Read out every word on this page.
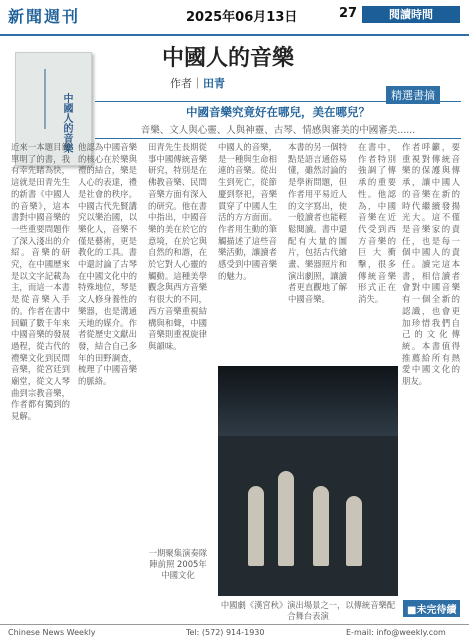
新聞週刊	2025年06月13日	27	閱讀時間
中國人的音樂
中國人的音樂
作者｜田青
精選書摘
中國音樂究竟好在哪兒，美在哪兒？
音樂、文人與心靈、人與神靈、古琴、情感與審美的中國審美......
近來一本題目簡單明了的書，我有幸先睹為快，這就是田青先生的新書《中國人的音樂》，這本書對中國音樂的一些重要問題作了深入淺出的介紹。音樂的研究，在中國歷來是以文字記載為主，而這一本書是從音樂入手的。作者在書中回顧了數千年來中國音樂的發展過程，從古代的禮樂文化到民間音樂，從宮廷到廟堂，從文人琴曲到宗教音樂，作者都有獨到的見解。
他認為中國音樂的核心在於樂與禮的結合，樂是人心的表達，禮是社會的秩序。中國古代先賢講究以樂治國，以樂化人，音樂不僅是藝術，更是教化的工具。書中還討論了古琴在中國文化中的特殊地位，琴是文人修身養性的樂器，也是溝通天地的媒介。作者從歷史文獻出發，結合自己多年的田野調查，梳理了中國音樂的脈絡。
田青先生長期從事中國傳統音樂研究，特別是在佛教音樂、民間音樂方面有深入的研究。他在書中指出，中國音樂的美在於它的意境，在於它與自然的和諧，在於它對人心靈的觸動。這種美學觀念與西方音樂有很大的不同，西方音樂重視結構與和聲，中國音樂則重視旋律與韻味。
一期聚集演奏隊陣前照 2005年中國文化
中國人的音樂，是一種與生命相連的音樂。從出生到死亡，從節慶到祭祀，音樂貫穿了中國人生活的方方面面。作者用生動的筆觸描述了這些音樂活動，讓讀者感受到中國音樂的魅力。
本書的另一個特點是語言通俗易懂，雖然討論的是學術問題，但作者用平易近人的文字寫出，使一般讀者也能輕鬆閱讀。書中還配有大量的圖片，包括古代繪畫、樂器照片和演出劇照，讓讀者更直觀地了解中國音樂。
在書中，作者特別強調了傳承的重要性。他認為，中國音樂在近代受到西方音樂的巨大衝擊，很多傳統音樂形式正在消失。
作者呼籲，要重視對傳統音樂的保護與傳承，讓中國人的音樂在新的時代繼續發揚光大。這不僅是音樂家的責任，也是每一個中國人的責任。讀完這本書，相信讀者會對中國音樂有一個全新的認識，也會更加珍惜我們自己的文化傳統。本書值得推薦給所有熱愛中國文化的朋友。
中國劇《漢宮秋》演出場景之一，以傳統音樂配合舞台表演	■未完待續
Chinese News Weekly	Tel: (572) 914-1930	E-mail: info@weekly.com
